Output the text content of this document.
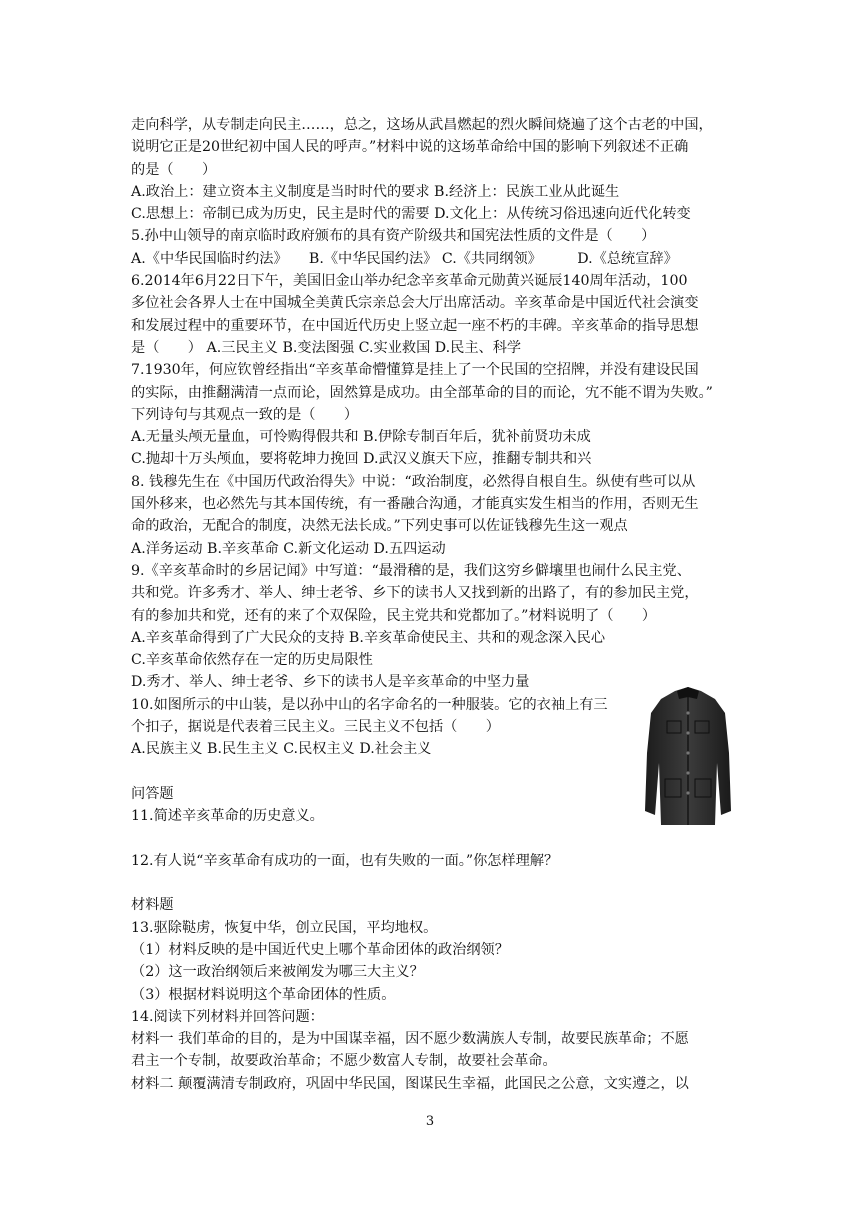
走向科学，从专制走向民主……，总之，这场从武昌燃起的烈火瞬间烧遍了这个古老的中国，
说明它正是20世纪初中国人民的呼声。”材料中说的这场革命给中国的影响下列叙述不正确
的是（　　）
A.政治上：建立资本主义制度是当时时代的要求 B.经济上：民族工业从此诞生
C.思想上：帝制已成为历史，民主是时代的需要 D.文化上：从传统习俗迅速向近代化转变
5.孙中山领导的南京临时政府颁布的具有资产阶级共和国宪法性质的文件是（　　）
A.《中华民国临时约法》　　B.《中华民国约法》 C.《共同纲领》　　　D.《总统宣辞》
6.2014年6月22日下午，美国旧金山举办纪念辛亥革命元勋黄兴诞辰140周年活动，100
多位社会各界人士在中国城全美黄氏宗亲总会大厅出席活动。辛亥革命是中国近代社会演变
和发展过程中的重要环节，在中国近代历史上竖立起一座不朽的丰碑。辛亥革命的指导思想
是（　　） A.三民主义 B.变法图强 C.实业救国 D.民主、科学
7.1930年，何应钦曾经指出“辛亥革命懵懂算是挂上了一个民国的空招牌，并没有建设民国
的实际，由推翻满清一点而论，固然算是成功。由全部革命的目的而论，宄不能不谓为失败。”
下列诗句与其观点一致的是（　　）
A.无量头颅无量血，可怜购得假共和 B.伊除专制百年后，犹补前贤功未成
C.抛却十万头颅血，要将乾坤力挽回 D.武汉义旗天下应，推翻专制共和兴
8. 钱穆先生在《中国历代政治得失》中说：“政治制度，必然得自根自生。纵使有些可以从
国外移来，也必然先与其本国传统，有一番融合沟通，才能真实发生相当的作用，否则无生
命的政治，无配合的制度，决然无法长成。”下列史事可以佐证钱穆先生这一观点
A.洋务运动 B.辛亥革命 C.新文化运动 D.五四运动
9.《辛亥革命时的乡居记闻》中写道：“最滑稽的是，我们这穷乡僻壤里也闹什么民主党、
共和党。许多秀才、举人、绅士老爷、乡下的读书人又找到新的出路了，有的参加民主党，
有的参加共和党，还有的来了个双保险，民主党共和党都加了。”材料说明了（　　）
A.辛亥革命得到了广大民众的支持 B.辛亥革命使民主、共和的观念深入民心
C.辛亥革命依然存在一定的历史局限性
D.秀才、举人、绅士老爷、乡下的读书人是辛亥革命的中坚力量
10.如图所示的中山装，是以孙中山的名字命名的一种服装。它的衣袖上有三
个扣子，据说是代表着三民主义。三民主义不包括（　　）
A.民族主义 B.民生主义 C.民权主义 D.社会主义
问答题
11.简述辛亥革命的历史意义。
12.有人说“辛亥革命有成功的一面，也有失败的一面。”你怎样理解？
材料题
13.驱除鞑虏，恢复中华，创立民国，平均地权。
（1）材料反映的是中国近代史上哪个革命团体的政治纲领？
（2）这一政治纲领后来被阐发为哪三大主义？
（3）根据材料说明这个革命团体的性质。
14.阅读下列材料并回答问题：
材料一 我们革命的目的，是为中国谋幸福，因不愿少数满族人专制，故要民族革命；不愿
君主一个专制，故要政治革命；不愿少数富人专制，故要社会革命。
材料二 颠覆满清专制政府，巩固中华民国，图谋民生幸福，此国民之公意，文实遵之，以
3
